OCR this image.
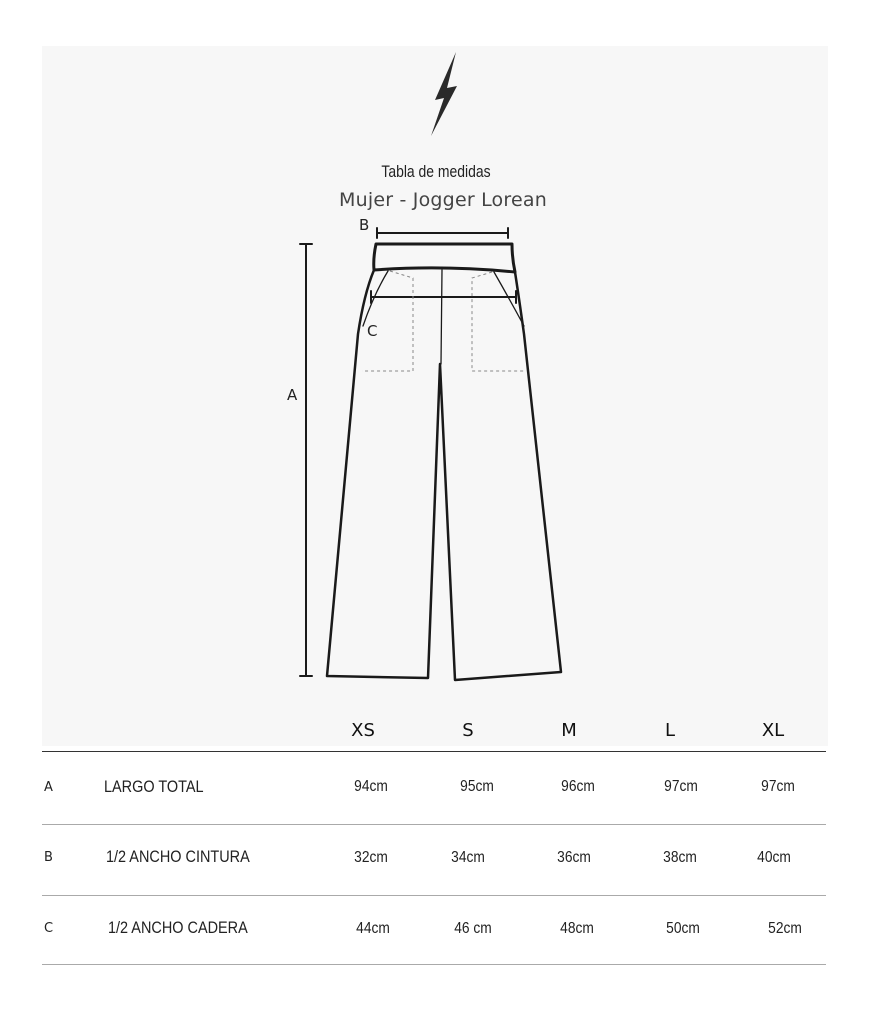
Tabla de medidas
Mujer - Jogger Lorean
A
B
C
XS	S	M	L	XL
A	LARGO TOTAL	94cm	95cm	96cm	97cm	97cm
B	1/2 ANCHO CINTURA	32cm	34cm	36cm	38cm	40cm
C	1/2 ANCHO CADERA	44cm	46 cm	48cm	50cm	52cm
